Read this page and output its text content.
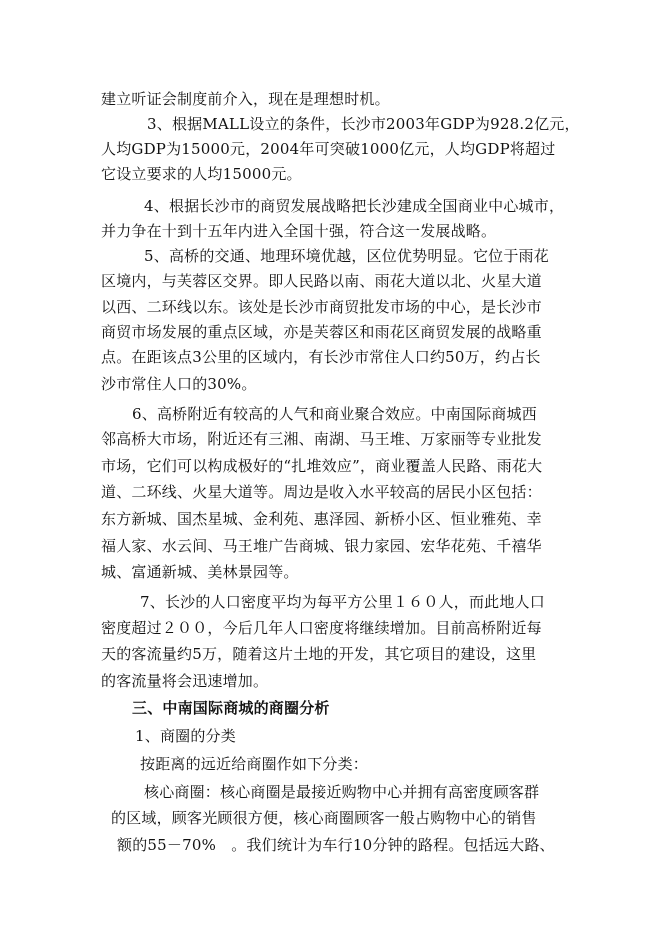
建立听证会制度前介入，现在是理想时机。
3、根据MALL设立的条件，长沙市2003年GDP为928.2亿元，
人均GDP为15000元，2004年可突破1000亿元，人均GDP将超过
它设立要求的人均15000元。
4、根据长沙市的商贸发展战略把长沙建成全国商业中心城市，
并力争在十到十五年内进入全国十强，符合这一发展战略。
5、高桥的交通、地理环境优越，区位优势明显。它位于雨花
区境内，与芙蓉区交界。即人民路以南、雨花大道以北、火星大道
以西、二环线以东。该处是长沙市商贸批发市场的中心，是长沙市
商贸市场发展的重点区域，亦是芙蓉区和雨花区商贸发展的战略重
点。在距该点3公里的区域内，有长沙市常住人口约50万，约占长
沙市常住人口的30%。
6、高桥附近有较高的人气和商业聚合效应。中南国际商城西
邻高桥大市场，附近还有三湘、南湖、马王堆、万家丽等专业批发
市场，它们可以构成极好的“扎堆效应”，商业覆盖人民路、雨花大
道、二环线、火星大道等。周边是收入水平较高的居民小区包括：
东方新城、国杰星城、金利苑、惠泽园、新桥小区、恒业雅苑、幸
福人家、水云间、马王堆广告商城、银力家园、宏华花苑、千禧华
城、富通新城、美林景园等。
7、长沙的人口密度平均为每平方公里１６０人，而此地人口
密度超过２００，今后几年人口密度将继续增加。目前高桥附近每
天的客流量约5万，随着这片土地的开发，其它项目的建设，这里
的客流量将会迅速增加。
三、中南国际商城的商圈分析
1、商圈的分类
按距离的远近给商圈作如下分类：
核心商圈：核心商圈是最接近购物中心并拥有高密度顾客群
的区域，顾客光顾很方便，核心商圈顾客一般占购物中心的销售
额的55－70%　。我们统计为车行10分钟的路程。包括远大路、
